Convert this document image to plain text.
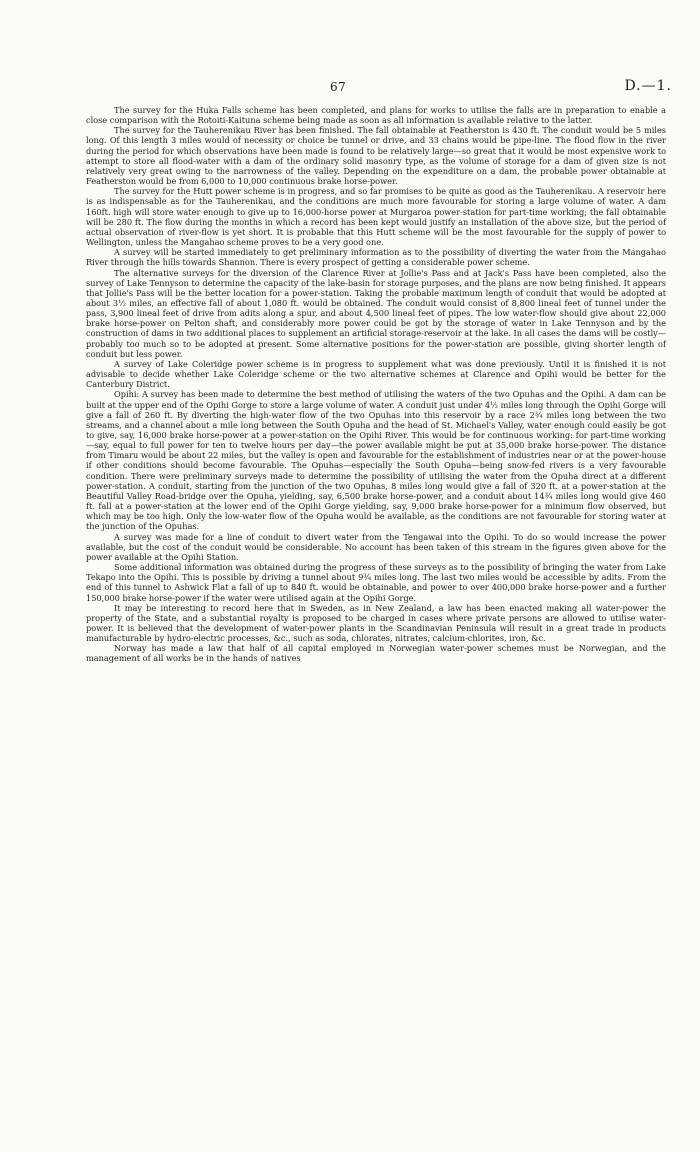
67	D.—1.

The survey for the Huka Falls scheme has been completed, and plans for works to utilise the falls are in preparation to enable a close comparison with the Rotoiti-Kaituna scheme being made as soon as all information is available relative to the latter.

The survey for the Tauherenikau River has been finished. The fall obtainable at Featherston is 430 ft. The conduit would be 5 miles long. Of this length 3 miles would of necessity or choice be tunnel or drive, and 33 chains would be pipe-line. The flood flow in the river during the period for which observations have been made is found to be relatively large—so great that it would be most expensive work to attempt to store all flood-water with a dam of the ordinary solid masonry type, as the volume of storage for a dam of given size is not relatively very great owing to the narrowness of the valley. Depending on the expenditure on a dam, the probable power obtainable at Featherston would be from 6,000 to 10,000 continuous brake horse-power.

The survey for the Hutt power scheme is in progress, and so far promises to be quite as good as the Tauherenikau. A reservoir here is as indispensable as for the Tauherenikau, and the conditions are much more favourable for storing a large volume of water. A dam 160ft. high will store water enough to give up to 16,000-horse power at Murgaroa power-station for part-time working; the fall obtainable will be 280 ft. The flow during the months in which a record has been kept would justify an installation of the above size, but the period of actual observation of river-flow is yet short. It is probable that this Hutt scheme will be the most favourable for the supply of power to Wellington, unless the Mangahao scheme proves to be a very good one.

A survey will be started immediately to get preliminary information as to the possibility of diverting the water from the Mangahao River through the hills towards Shannon. There is every prospect of getting a considerable power scheme.

The alternative surveys for the diversion of the Clarence River at Jollie's Pass and at Jack's Pass have been completed, also the survey of Lake Tennyson to determine the capacity of the lake-basin for storage purposes, and the plans are now being finished. It appears that Jollie's Pass will be the better location for a power-station. Taking the probable maximum length of conduit that would be adopted at about 3½ miles, an effective fall of about 1,080 ft. would be obtained. The conduit would consist of 8,800 lineal feet of tunnel under the pass, 3,900 lineal feet of drive from adits along a spur, and about 4,500 lineal feet of pipes. The low water-flow should give about 22,000 brake horse-power on Pelton shaft, and considerably more power could be got by the storage of water in Lake Tennyson and by the construction of dams in two additional places to supplement an artificial storage-reservoir at the lake. In all cases the dams will be costly—probably too much so to be adopted at present. Some alternative positions for the power-station are possible, giving shorter length of conduit but less power.

A survey of Lake Coleridge power scheme is in progress to supplement what was done previously. Until it is finished it is not advisable to decide whether Lake Coleridge scheme or the two alternative schemes at Clarence and Opihi would be better for the Canterbury District.

Opihi: A survey has been made to determine the best method of utilising the waters of the two Opuhas and the Opihi. A dam can be built at the upper end of the Opihi Gorge to store a large volume of water. A conduit just under 4½ miles long through the Opihi Gorge will give a fall of 260 ft. By diverting the high-water flow of the two Opuhas into this reservoir by a race 2¾ miles long between the two streams, and a channel about a mile long between the South Opuha and the head of St. Michael's Valley, water enough could easily be got to give, say, 16,000 brake horse-power at a power-station on the Opihi River. This would be for continuous working: for part-time working—say, equal to full power for ten to twelve hours per day—the power available might be put at 35,000 brake horse-power. The distance from Timaru would be about 22 miles, but the valley is open and favourable for the establishment of industries near or at the power-house if other conditions should become favourable. The Opuhas—especially the South Opuha—being snow-fed rivers is a very favourable condition. There were preliminary surveys made to determine the possibility of utilising the water from the Opuha direct at a different power-station. A conduit, starting from the junction of the two Opuhas, 8 miles long would give a fall of 320 ft. at a power-station at the Beautiful Valley Road-bridge over the Opuha, yielding, say, 6,500 brake horse-power, and a conduit about 14¾ miles long would give 460 ft. fall at a power-station at the lower end of the Opihi Gorge yielding, say, 9,000 brake horse-power for a minimum flow observed, but which may be too high. Only the low-water flow of the Opuha would be available, as the conditions are not favourable for storing water at the junction of the Opuhas.

A survey was made for a line of conduit to divert water from the Tengawai into the Opihi. To do so would increase the power available, but the cost of the conduit would be considerable. No account has been taken of this stream in the figures given above for the power available at the Opihi Station.

Some additional information was obtained during the progress of these surveys as to the possibility of bringing the water from Lake Tekapo into the Opihi. This is possible by driving a tunnel about 9¾ miles long. The last two miles would be accessible by adits. From the end of this tunnel to Ashwick Flat a fall of up to 840 ft. would be obtainable, and power to over 400,000 brake horse-power and a further 150,000 brake horse-power if the water were utilised again at the Opihi Gorge.

It may be interesting to record here that in Sweden, as in New Zealand, a law has been enacted making all water-power the property of the State, and a substantial royalty is proposed to be charged in cases where private persons are allowed to utilise water-power. It is believed that the development of water-power plants in the Scandinavian Peninsula will result in a great trade in products manufacturable by hydro-electric processes, &c., such as soda, chlorates, nitrates, calcium-chlorites, iron, &c.

Norway has made a law that half of all capital employed in Norwegian water-power schemes must be Norwegian, and the management of all works be in the hands of natives
